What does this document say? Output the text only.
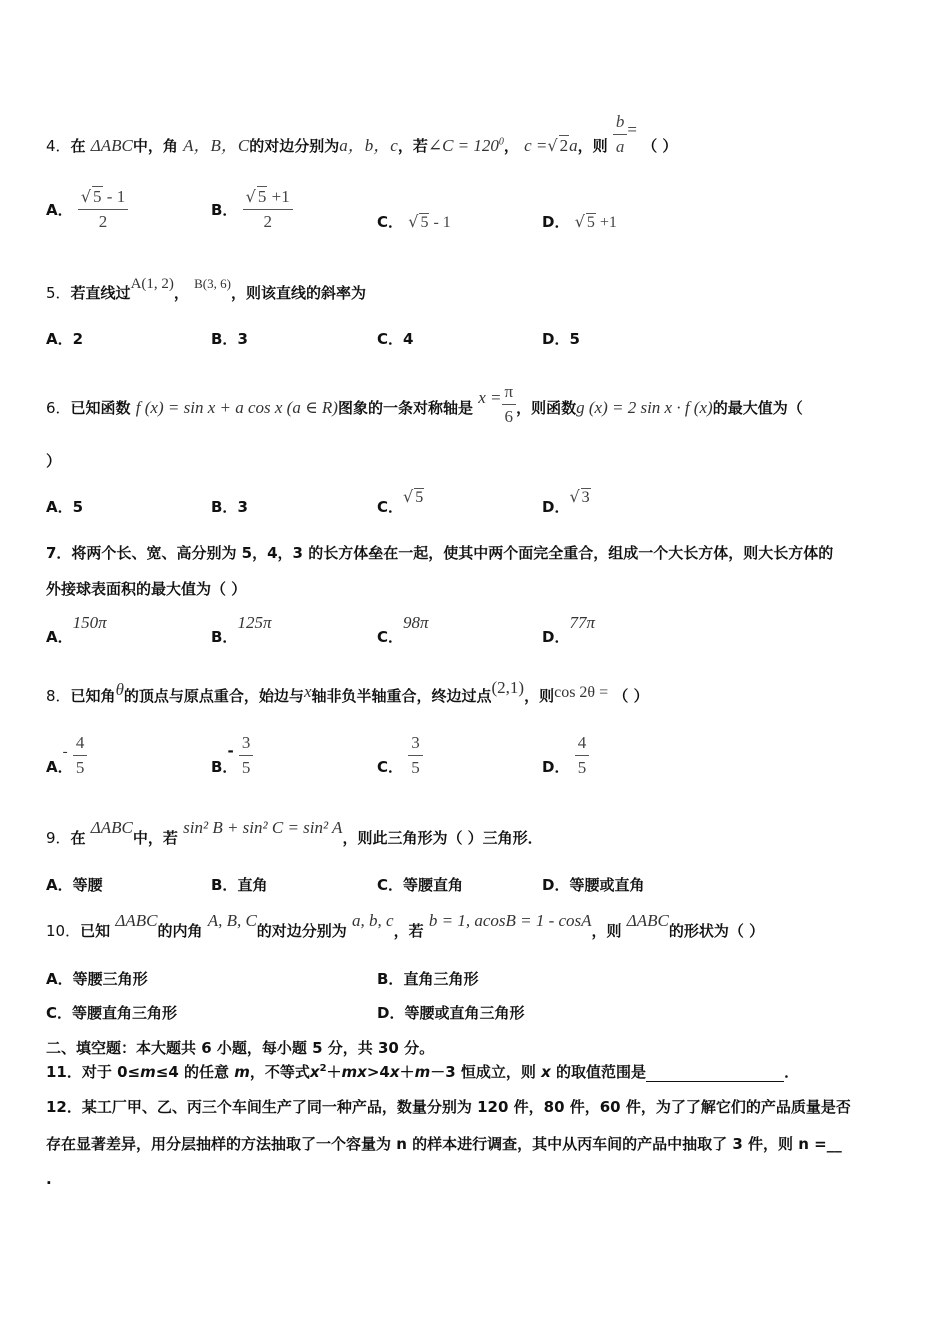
4．在 ΔABC中，角 A，B，C的对边分别为a，b，c，若∠C = $120^0$， c =√ 2a，则 $\frac{b}{a}$ = （ ）
A． $\frac{√ 5 - 1}{2}$	B． $\frac{√ 5 +1}{2}$	C． √ 5 - 1	D． √ 5 +1
5．若直线过A(1, 2)， B(3, 6)，则该直线的斜率为
A．2	B．3	C．4	D．5
6．已知函数 f (x) = sin x + a cos x (a ∈ R)图象的一条对称轴是 $x = \frac{\pi}{6}$ ，则函数g (x) = 2 sin x · f (x)的最大值为（
）
A．5	B．3	C．√ 5
D．√ 3
7．将两个长、宽、高分别为 5，4，3 的长方体垒在一起，使其中两个面完全重合，组成一个大长方体，则大长方体的
外接球表面积的最大值为（ ）
A．150π
B．125π
C．98π
D．77π
8．已知角θ的顶点与原点重合，始边与x轴非负半轴重合，终边过点(2,1)，则cos 2θ = （ ）
A．- $\frac{4}{5}$	B．- $\frac{3}{5}$	C． $\frac{3}{5}$	D． $\frac{4}{5}$
9．在 ΔABC中，若 sin² B + sin² C = sin² A，则此三角形为（ ）三角形．
A．等腰	B．直角	C．等腰直角	D．等腰或直角
10．已知 ΔABC的内角 A, B, C的对边分别为 a, b, c，若 b = 1, acosB = 1 - cosA，则 ΔABC的形状为（ ）
A．等腰三角形	B．直角三角形
C．等腰直角三角形	D．等腰或直角三角形
二、填空题：本大题共 6 小题，每小题 5 分，共 30 分。
11．对于 0≤m≤4 的任意 m，不等式$x^2+mx>4x+m-3$ 恒成立，则 x 的取值范围是	．
12．某工厂甲、乙、丙三个车间生产了同一种产品，数量分别为 120 件，80 件，60 件，为了了解它们的产品质量是否
存在显著差异，用分层抽样的方法抽取了一个容量为 n 的样本进行调查，其中从丙车间的产品中抽取了 3 件，则 n =__
.
